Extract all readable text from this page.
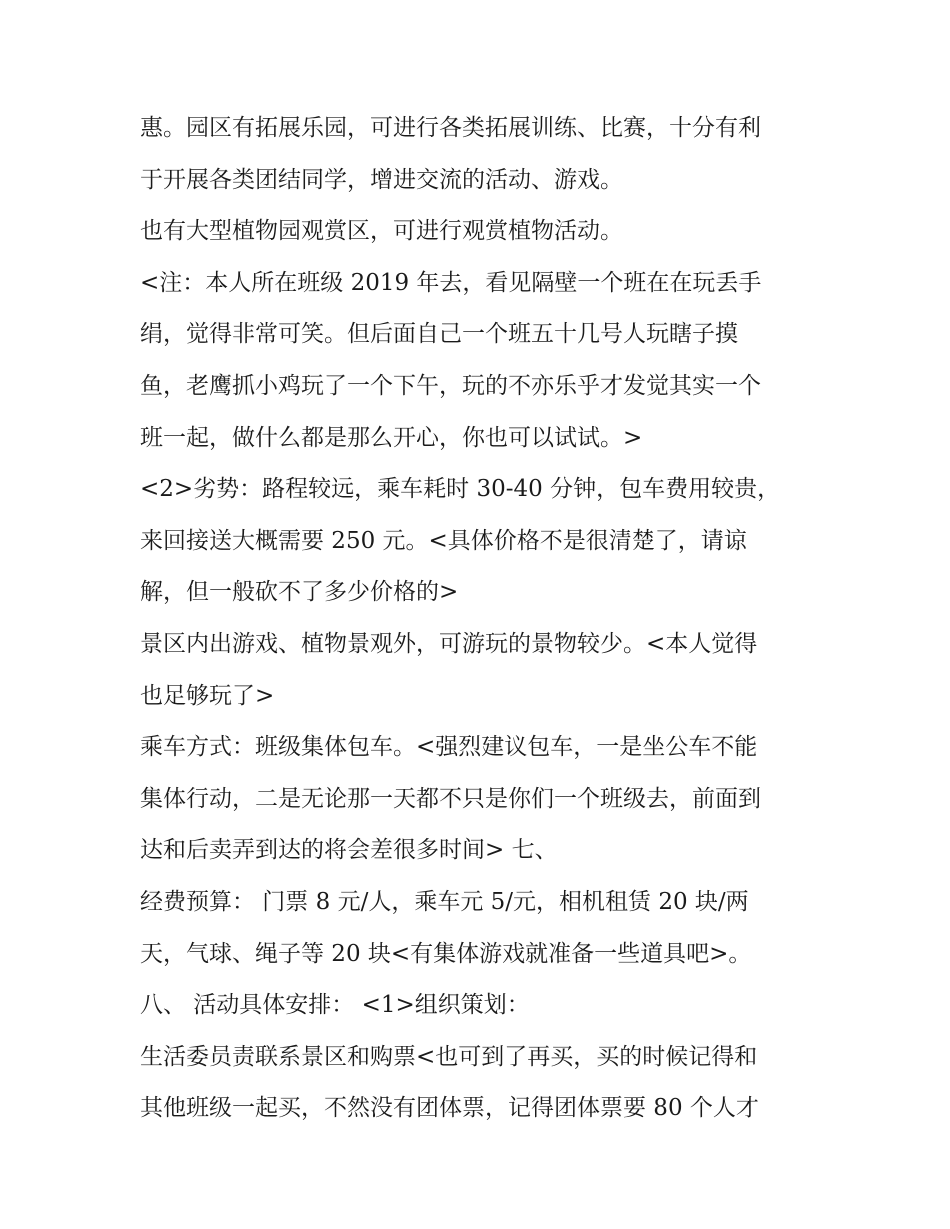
惠。园区有拓展乐园，可进行各类拓展训练、比赛，十分有利
于开展各类团结同学，增进交流的活动、游戏。
也有大型植物园观赏区，可进行观赏植物活动。
<注：本人所在班级 2019 年去，看见隔壁一个班在在玩丢手
绢，觉得非常可笑。但后面自己一个班五十几号人玩瞎子摸
鱼，老鹰抓小鸡玩了一个下午，玩的不亦乐乎才发觉其实一个
班一起，做什么都是那么开心，你也可以试试。>
<2>劣势：路程较远，乘车耗时 30-40 分钟，包车费用较贵，
来回接送大概需要 250 元。<具体价格不是很清楚了，请谅
解，但一般砍不了多少价格的>
景区内出游戏、植物景观外，可游玩的景物较少。<本人觉得
也足够玩了>
乘车方式：班级集体包车。<强烈建议包车，一是坐公车不能
集体行动，二是无论那一天都不只是你们一个班级去，前面到
达和后卖弄到达的将会差很多时间> 七、
经费预算： 门票 8 元/人，乘车元 5/元，相机租赁 20 块/两
天，气球、绳子等 20 块<有集体游戏就准备一些道具吧>。
八、 活动具体安排： <1>组织策划：
生活委员责联系景区和购票<也可到了再买，买的时候记得和
其他班级一起买，不然没有团体票，记得团体票要 80 个人才
